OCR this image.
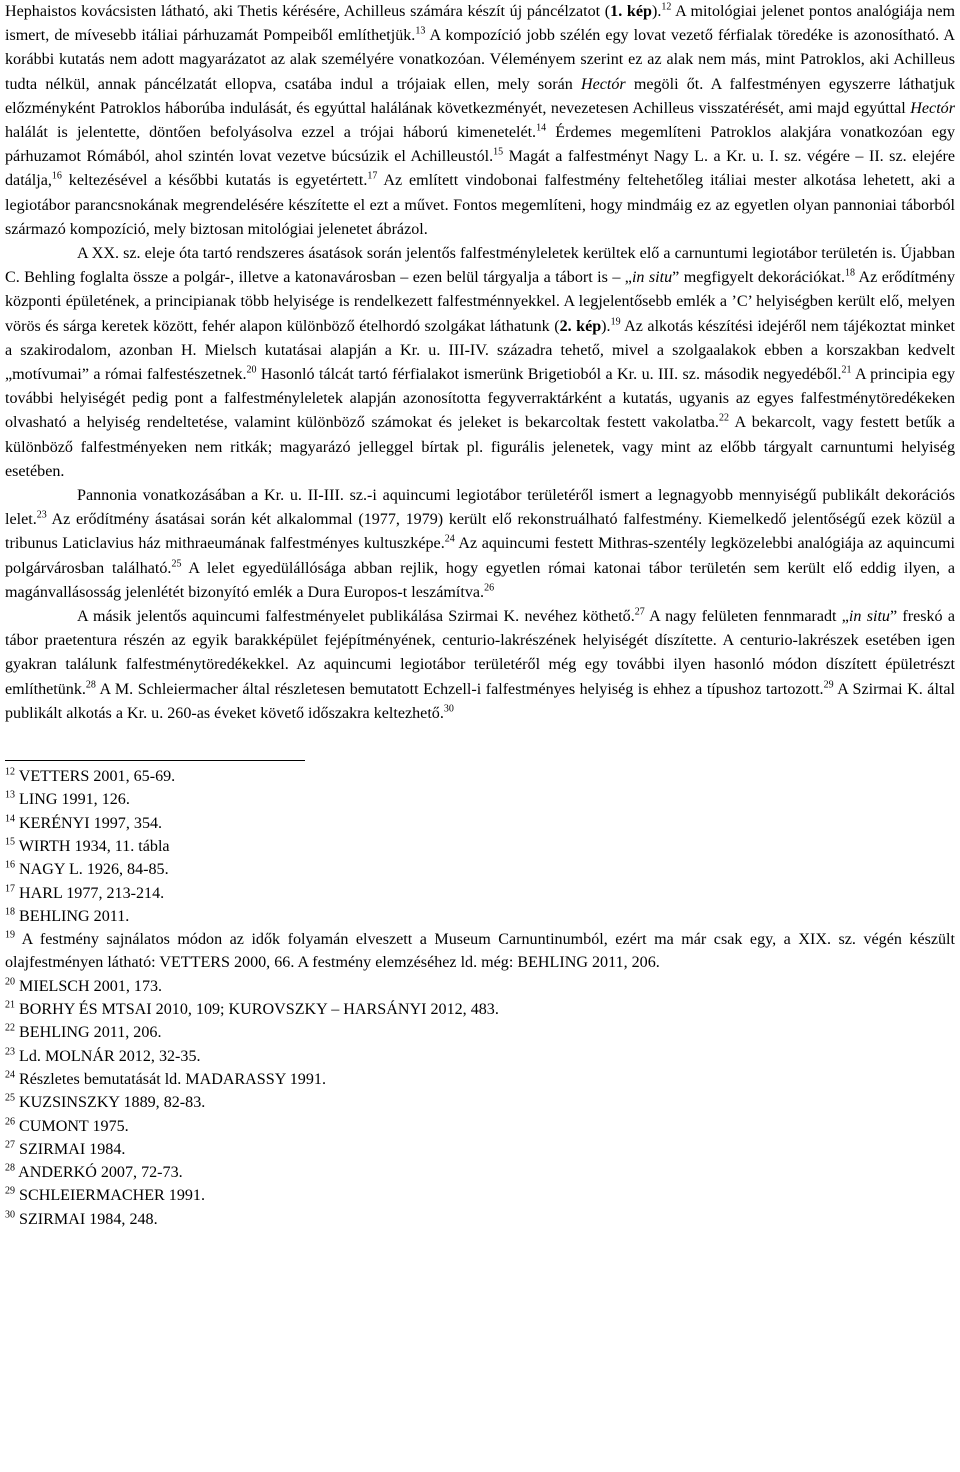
Hephaistos kovácsisten látható, aki Thetis kérésére, Achilleus számára készít új páncélzatot (1. kép).$^{12}$ A mitológiai jelenet pontos analógiája nem ismert, de mívesebb itáliai párhuzamát Pompeiből említhetjük.$^{13}$ A kompozíció jobb szélén egy lovat vezető férfialak töredéke is azonosítható. A korábbi kutatás nem adott magyarázatot az alak személyére vonatkozóan. Véleményem szerint ez az alak nem más, mint Patroklos, aki Achilleus tudta nélkül, annak páncélzatát ellopva, csatába indul a trójaiak ellen, mely során Hectór megöli őt. A falfestményen egyszerre láthatjuk előzményként Patroklos háborúba indulását, és egyúttal halálának következményét, nevezetesen Achilleus visszatérését, ami majd egyúttal Hectór halálát is jelentette, döntően befolyásolva ezzel a trójai háború kimenetelét.$^{14}$ Érdemes megemlíteni Patroklos alakjára vonatkozóan egy párhuzamot Rómából, ahol szintén lovat vezetve búcsúzik el Achilleustól.$^{15}$ Magát a falfestményt Nagy L. a Kr. u. I. sz. végére – II. sz. elejére datálja,$^{16}$ keltezésével a későbbi kutatás is egyetértett.$^{17}$ Az említett vindobonai falfestmény feltehetőleg itáliai mester alkotása lehetett, aki a legiotábor parancsnokának megrendelésére készítette el ezt a művet. Fontos megemlíteni, hogy mindmáig ez az egyetlen olyan pannoniai táborból származó kompozíció, mely biztosan mitológiai jelenetet ábrázol.

A XX. sz. eleje óta tartó rendszeres ásatások során jelentős falfestményleletek kerültek elő a carnuntumi legiotábor területén is. Újabban C. Behling foglalta össze a polgár-, illetve a katonavárosban – ezen belül tárgyalja a tábort is – „in situ” megfigyelt dekorációkat.$^{18}$ Az erődítmény központi épületének, a principianak több helyisége is rendelkezett falfestménnyekkel. A legjelentősebb emlék a ’C’ helyiségben került elő, melyen vörös és sárga keretek között, fehér alapon különböző ételhordó szolgákat láthatunk (2. kép).$^{19}$ Az alkotás készítési idejéről nem tájékoztat minket a szakirodalom, azonban H. Mielsch kutatásai alapján a Kr. u. III-IV. századra tehető, mivel a szolgaalakok ebben a korszakban kedvelt „motívumai” a római falfestészetnek.$^{20}$ Hasonló tálcát tartó férfialakot ismerünk Brigetioból a Kr. u. III. sz. második negyedéből.$^{21}$ A principia egy további helyiségét pedig pont a falfestményleletek alapján azonosította fegyverraktárként a kutatás, ugyanis az egyes falfestménytöredékeken olvasható a helyiség rendeltetése, valamint különböző számokat és jeleket is bekarcoltak festett vakolatba.$^{22}$ A bekarcolt, vagy festett betűk a különböző falfestményeken nem ritkák; magyarázó jelleggel bírtak pl. figurális jelenetek, vagy mint az előbb tárgyalt carnuntumi helyiség esetében.

Pannonia vonatkozásában a Kr. u. II-III. sz.-i aquincumi legiotábor területéről ismert a legnagyobb mennyiségű publikált dekorációs lelet.$^{23}$ Az erődítmény ásatásai során két alkalommal (1977, 1979) került elő rekonstruálható falfestmény. Kiemelkedő jelentőségű ezek közül a tribunus Laticlavius ház mithraeumának falfestményes kultuszképe.$^{24}$ Az aquincumi festett Mithras-szentély legközelebbi analógiája az aquincumi polgárvárosban található.$^{25}$ A lelet egyedülállósága abban rejlik, hogy egyetlen római katonai tábor területén sem került elő eddig ilyen, a magánvallásosság jelenlétét bizonyító emlék a Dura Europos-t leszámítva.$^{26}$

A másik jelentős aquincumi falfestményelet publikálása Szirmai K. nevéhez köthető.$^{27}$ A nagy felületen fennmaradt „in situ” freskó a tábor praetentura részén az egyik barakképület fejépítményének, centurio-lakrészének helyiségét díszítette. A centurio-lakrészek esetében igen gyakran találunk falfestménytöredékekkel. Az aquincumi legiotábor területéről még egy további ilyen hasonló módon díszített épületrészt említhetünk.$^{28}$ A M. Schleiermacher által részletesen bemutatott Echzell-i falfestményes helyiség is ehhez a típushoz tartozott.$^{29}$ A Szirmai K. által publikált alkotás a Kr. u. 260-as éveket követő időszakra keltezhető.$^{30}$

$^{12}$ VETTERS 2001, 65-69.

$^{13}$ LING 1991, 126.

$^{14}$ KERÉNYI 1997, 354.

$^{15}$ WIRTH 1934, 11. tábla

$^{16}$ NAGY L. 1926, 84-85.

$^{17}$ HARL 1977, 213-214.

$^{18}$ BEHLING 2011.

$^{19}$ A festmény sajnálatos módon az idők folyamán elveszett a Museum Carnuntinumból, ezért ma már csak egy, a XIX. sz. végén készült olajfestményen látható: VETTERS 2000, 66. A festmény elemzéséhez ld. még: BEHLING 2011, 206.

$^{20}$ MIELSCH 2001, 173.

$^{21}$ BORHY ÉS MTSAI 2010, 109; KUROVSZKY – HARSÁNYI 2012, 483.

$^{22}$ BEHLING 2011, 206.

$^{23}$ Ld. MOLNÁR 2012, 32-35.

$^{24}$ Részletes bemutatását ld. MADARASSY 1991.

$^{25}$ KUZSINSZKY 1889, 82-83.

$^{26}$ CUMONT 1975.

$^{27}$ SZIRMAI 1984.

$^{28}$ ANDERKÓ 2007, 72-73.

$^{29}$ SCHLEIERMACHER 1991.

$^{30}$ SZIRMAI 1984, 248.
